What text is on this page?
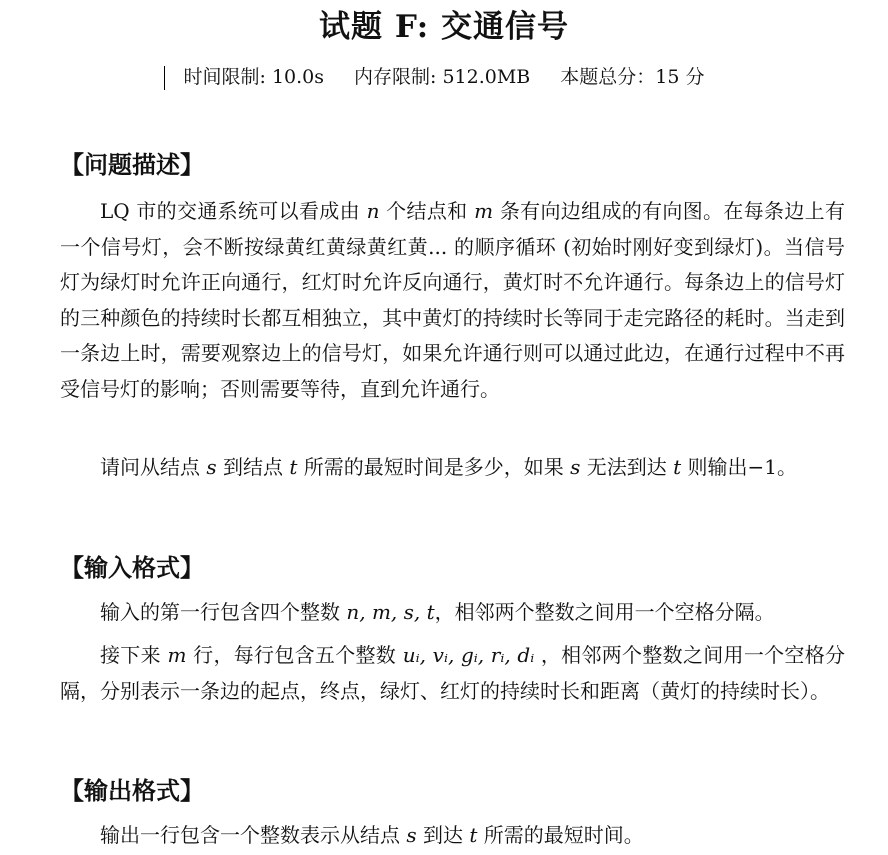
试题 F: 交通信号
时间限制: 10.0s 内存限制: 512.0MB 本题总分：15 分
【问题描述】
LQ 市的交通系统可以看成由 n 个结点和 m 条有向边组成的有向图。在每条边上有一个信号灯，会不断按绿黄红黄绿黄红黄... 的顺序循环 (初始时刚好变到绿灯)。当信号灯为绿灯时允许正向通行，红灯时允许反向通行，黄灯时不允许通行。每条边上的信号灯的三种颜色的持续时长都互相独立，其中黄灯的持续时长等同于走完路径的耗时。当走到一条边上时，需要观察边上的信号灯，如果允许通行则可以通过此边，在通行过程中不再受信号灯的影响；否则需要等待，直到允许通行。
请问从结点 s 到结点 t 所需的最短时间是多少，如果 s 无法到达 t 则输出−1。
【输入格式】
输入的第一行包含四个整数 n, m, s, t，相邻两个整数之间用一个空格分隔。
接下来 m 行，每行包含五个整数 uᵢ, vᵢ, gᵢ, rᵢ, dᵢ ，相邻两个整数之间用一个空格分隔，分别表示一条边的起点，终点，绿灯、红灯的持续时长和距离（黄灯的持续时长）。
【输出格式】
输出一行包含一个整数表示从结点 s 到达 t 所需的最短时间。
